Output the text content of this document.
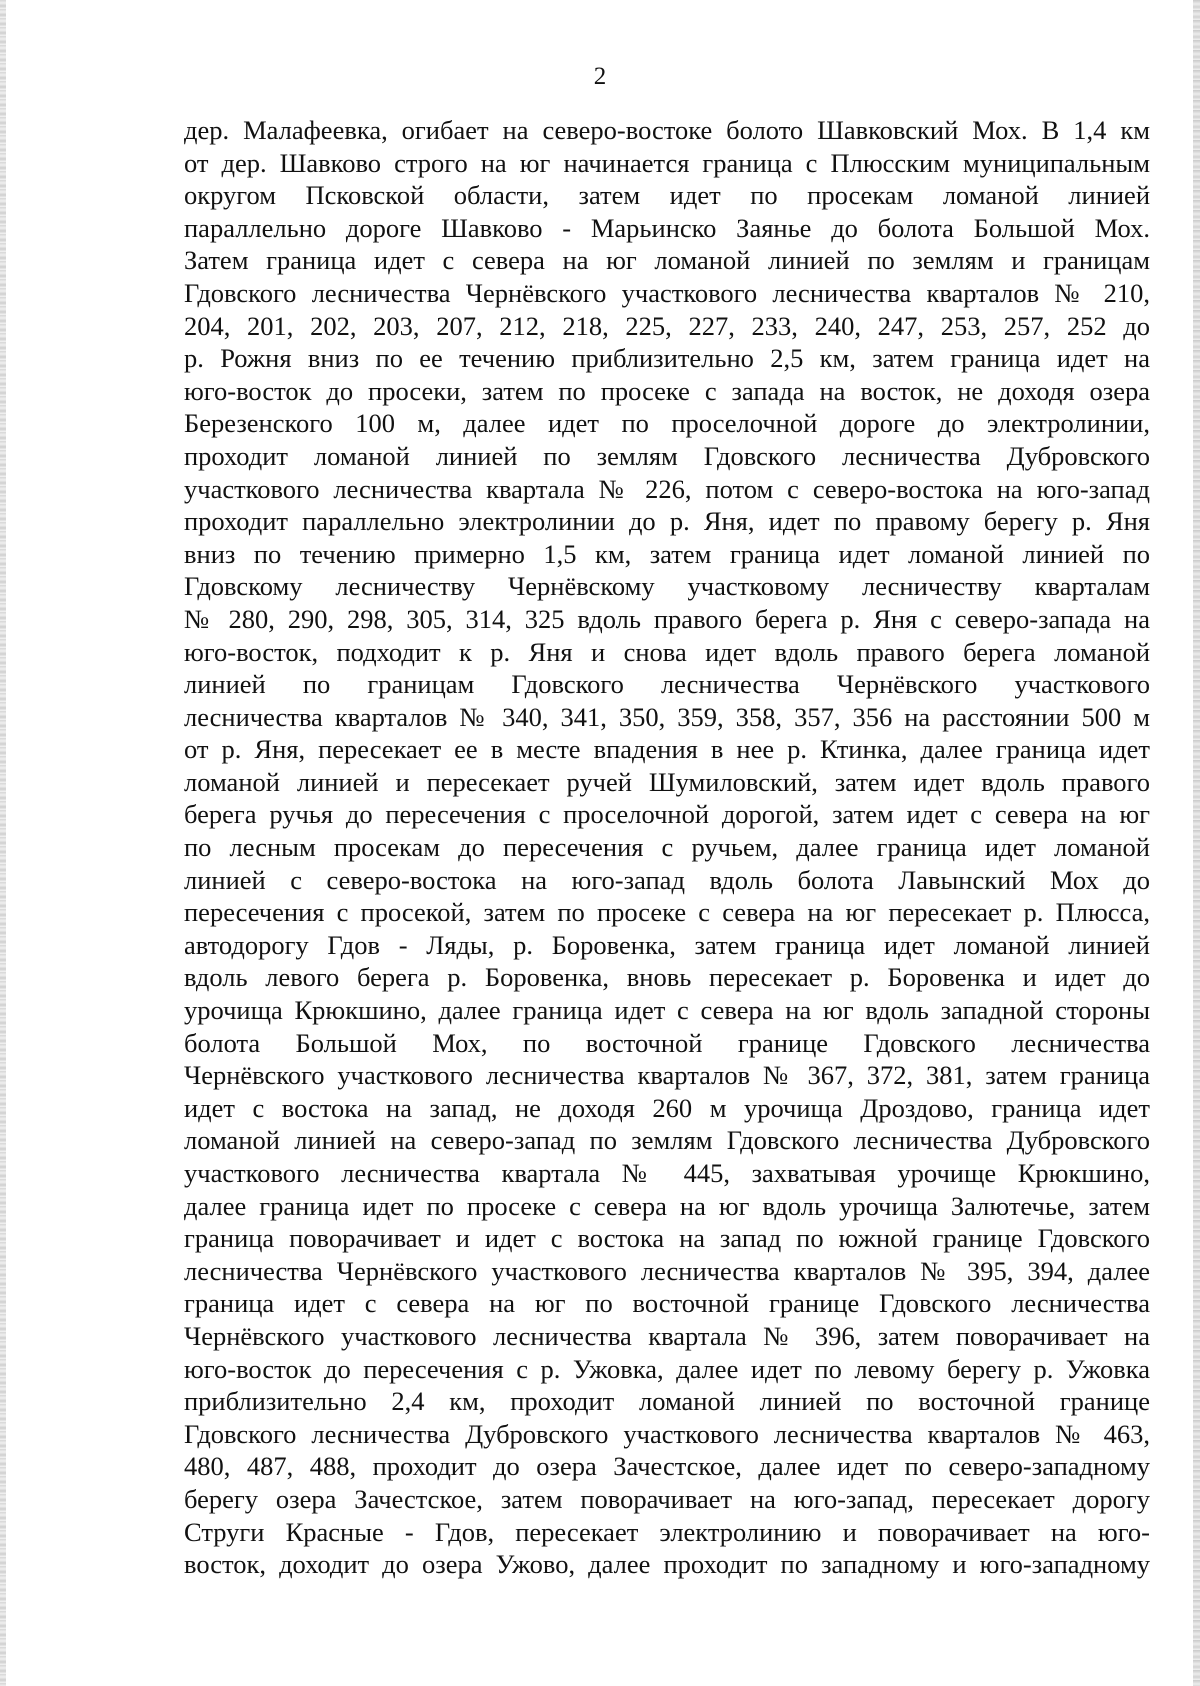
2
дер. Малафеевка, огибает на северо-востоке болото Шавковский Мох. В 1,4 км
от дер. Шавково строго на юг начинается граница с Плюсским муниципальным
округом Псковской области, затем идет по просекам ломаной линией
параллельно дороге Шавково - Марьинско Заянье до болота Большой Мох.
Затем граница идет с севера на юг ломаной линией по землям и границам
Гдовского лесничества Чернёвского участкового лесничества кварталов № 210,
204, 201, 202, 203, 207, 212, 218, 225, 227, 233, 240, 247, 253, 257, 252 до
р. Рожня вниз по ее течению приблизительно 2,5 км, затем граница идет на
юго-восток до просеки, затем по просеке с запада на восток, не доходя озера
Березенского 100 м, далее идет по проселочной дороге до электролинии,
проходит ломаной линией по землям Гдовского лесничества Дубровского
участкового лесничества квартала № 226, потом с северо-востока на юго-запад
проходит параллельно электролинии до р. Яня, идет по правому берегу р. Яня
вниз по течению примерно 1,5 км, затем граница идет ломаной линией по
Гдовскому лесничеству Чернёвскому участковому лесничеству кварталам
№ 280, 290, 298, 305, 314, 325 вдоль правого берега р. Яня с северо-запада на
юго-восток, подходит к р. Яня и снова идет вдоль правого берега ломаной
линией по границам Гдовского лесничества Чернёвского участкового
лесничества кварталов № 340, 341, 350, 359, 358, 357, 356 на расстоянии 500 м
от р. Яня, пересекает ее в месте впадения в нее р. Ктинка, далее граница идет
ломаной линией и пересекает ручей Шумиловский, затем идет вдоль правого
берега ручья до пересечения с проселочной дорогой, затем идет с севера на юг
по лесным просекам до пересечения с ручьем, далее граница идет ломаной
линией с северо-востока на юго-запад вдоль болота Лавынский Мох до
пересечения с просекой, затем по просеке с севера на юг пересекает р. Плюсса,
автодорогу Гдов - Ляды, р. Боровенка, затем граница идет ломаной линией
вдоль левого берега р. Боровенка, вновь пересекает р. Боровенка и идет до
урочища Крюкшино, далее граница идет с севера на юг вдоль западной стороны
болота Большой Мох, по восточной границе Гдовского лесничества
Чернёвского участкового лесничества кварталов № 367, 372, 381, затем граница
идет с востока на запад, не доходя 260 м урочища Дроздово, граница идет
ломаной линией на северо-запад по землям Гдовского лесничества Дубровского
участкового лесничества квартала № 445, захватывая урочище Крюкшино,
далее граница идет по просеке с севера на юг вдоль урочища Залютечье, затем
граница поворачивает и идет с востока на запад по южной границе Гдовского
лесничества Чернёвского участкового лесничества кварталов № 395, 394, далее
граница идет с севера на юг по восточной границе Гдовского лесничества
Чернёвского участкового лесничества квартала № 396, затем поворачивает на
юго-восток до пересечения с р. Ужовка, далее идет по левому берегу р. Ужовка
приблизительно 2,4 км, проходит ломаной линией по восточной границе
Гдовского лесничества Дубровского участкового лесничества кварталов № 463,
480, 487, 488, проходит до озера Зачестское, далее идет по северо-западному
берегу озера Зачестское, затем поворачивает на юго-запад, пересекает дорогу
Струги Красные - Гдов, пересекает электролинию и поворачивает на юго-
восток, доходит до озера Ужово, далее проходит по западному и юго-западному
